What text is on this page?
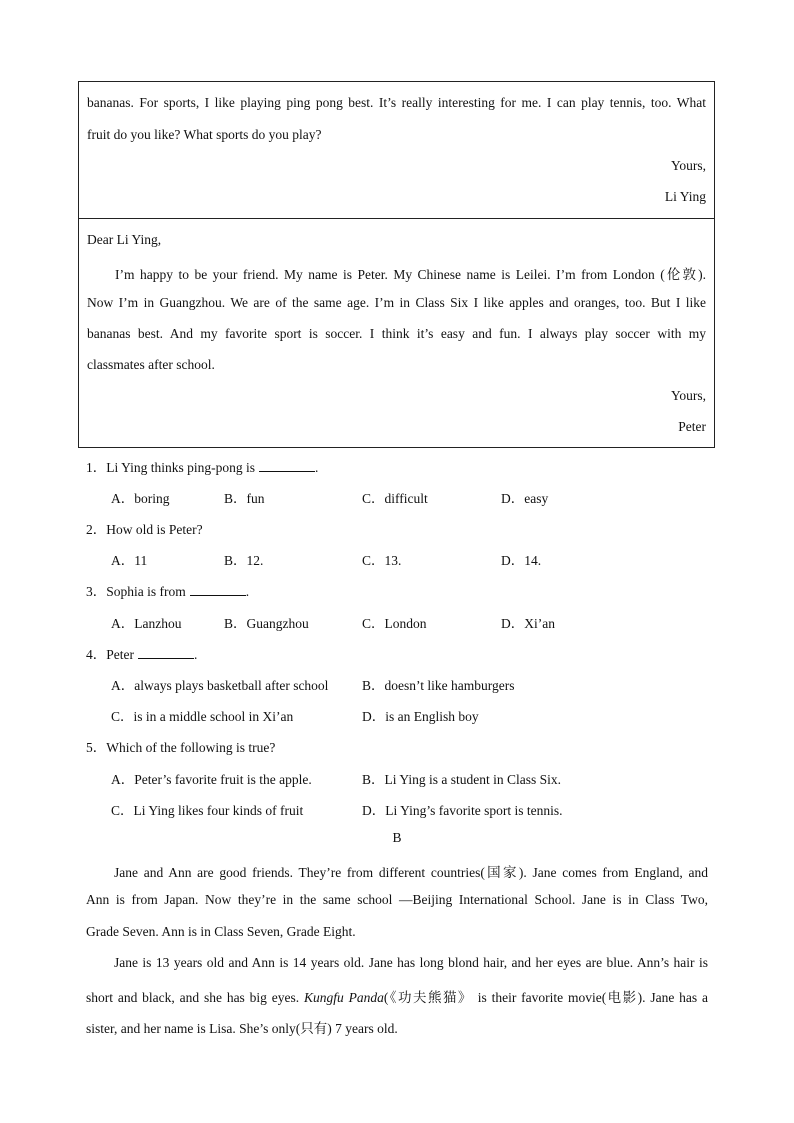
bananas. For sports, I like playing ping pong best. It’s really interesting for me. I can play tennis, too. What
fruit do you like? What sports do you play?
Yours,
Li Ying
Dear Li Ying,
I’m happy to be your friend. My name is Peter. My Chinese name is Leilei. I’m from London (伦敦).
Now I’m in Guangzhou. We are of the same age. I’m in Class Six I like apples and oranges, too. But I like
bananas best. And my favorite sport is soccer. I think it’s easy and fun. I always play soccer with my
classmates after school.
Yours,
Peter
1．Li Ying thinks ping-pong is	.
A．boring	B．fun	C．difficult	D．easy
2．How old is Peter?
A．11	B．12.	C．13.	D．14.
3．Sophia is from	.
A．Lanzhou	B．Guangzhou	C．London	D．Xi’an
4．Peter	.
A．always plays basketball after school B．doesn’t like hamburgers
C．is in a middle school in Xi’an	D．is an English boy
5．Which of the following is true?
A．Peter’s favorite fruit is the apple.	B．Li Ying is a student in Class Six.
C．Li Ying likes four kinds of fruit	D．Li Ying’s favorite sport is tennis.
B
Jane and Ann are good friends. They’re from different countries(国家). Jane comes from England, and
Ann is from Japan. Now they’re in the same school —Beijing International School. Jane is in Class Two,
Grade Seven. Ann is in Class Seven, Grade Eight.
Jane is 13 years old and Ann is 14 years old. Jane has long blond hair, and her eyes are blue. Ann’s hair is
short and black, and she has big eyes. Kungfu Panda(《功夫熊猫》 is their favorite movie(电影). Jane has a
sister, and her name is Lisa. She’s only(只有) 7 years old.
